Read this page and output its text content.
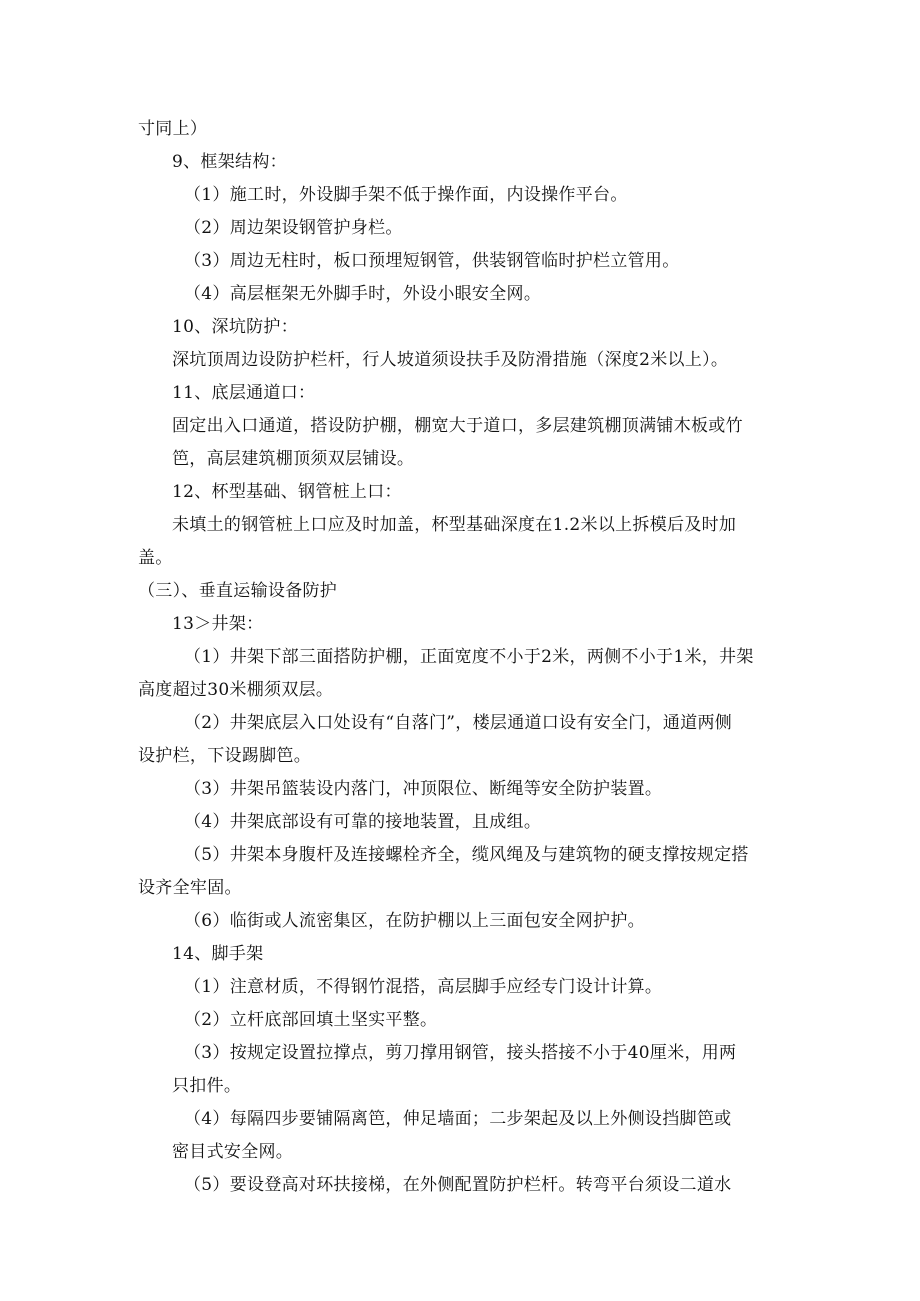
寸同上）
9、框架结构：
（1）施工时，外设脚手架不低于操作面，内设操作平台。
（2）周边架设钢管护身栏。
（3）周边无柱时，板口预埋短钢管，供装钢管临时护栏立管用。
（4）高层框架无外脚手时，外设小眼安全网。
10、深坑防护：
深坑顶周边设防护栏杆，行人坡道须设扶手及防滑措施（深度2米以上）。
11、底层通道口：
固定出入口通道，搭设防护棚，棚宽大于道口，多层建筑棚顶满铺木板或竹
笆，高层建筑棚顶须双层铺设。
12、杯型基础、钢管桩上口：
未填土的钢管桩上口应及时加盖，杯型基础深度在1.2米以上拆模后及时加
盖。
（三）、垂直运输设备防护
13＞井架：
（1）井架下部三面搭防护棚，正面宽度不小于2米，两侧不小于1米，井架
高度超过30米棚须双层。
（2）井架底层入口处设有“自落门”，楼层通道口设有安全门，通道两侧
设护栏，下设踢脚笆。
（3）井架吊篮装设内落门，冲顶限位、断绳等安全防护装置。
（4）井架底部设有可靠的接地装置，且成组。
（5）井架本身腹杆及连接螺栓齐全，缆风绳及与建筑物的硬支撑按规定搭
设齐全牢固。
（6）临街或人流密集区，在防护棚以上三面包安全网护护。
14、脚手架
（1）注意材质，不得钢竹混搭，高层脚手应经专门设计计算。
（2）立杆底部回填土坚实平整。
（3）按规定设置拉撑点，剪刀撑用钢管，接头搭接不小于40厘米，用两
只扣件。
（4）每隔四步要铺隔离笆，伸足墙面；二步架起及以上外侧设挡脚笆或
密目式安全网。
（5）要设登高对环扶接梯，在外侧配置防护栏杆。转弯平台须设二道水
